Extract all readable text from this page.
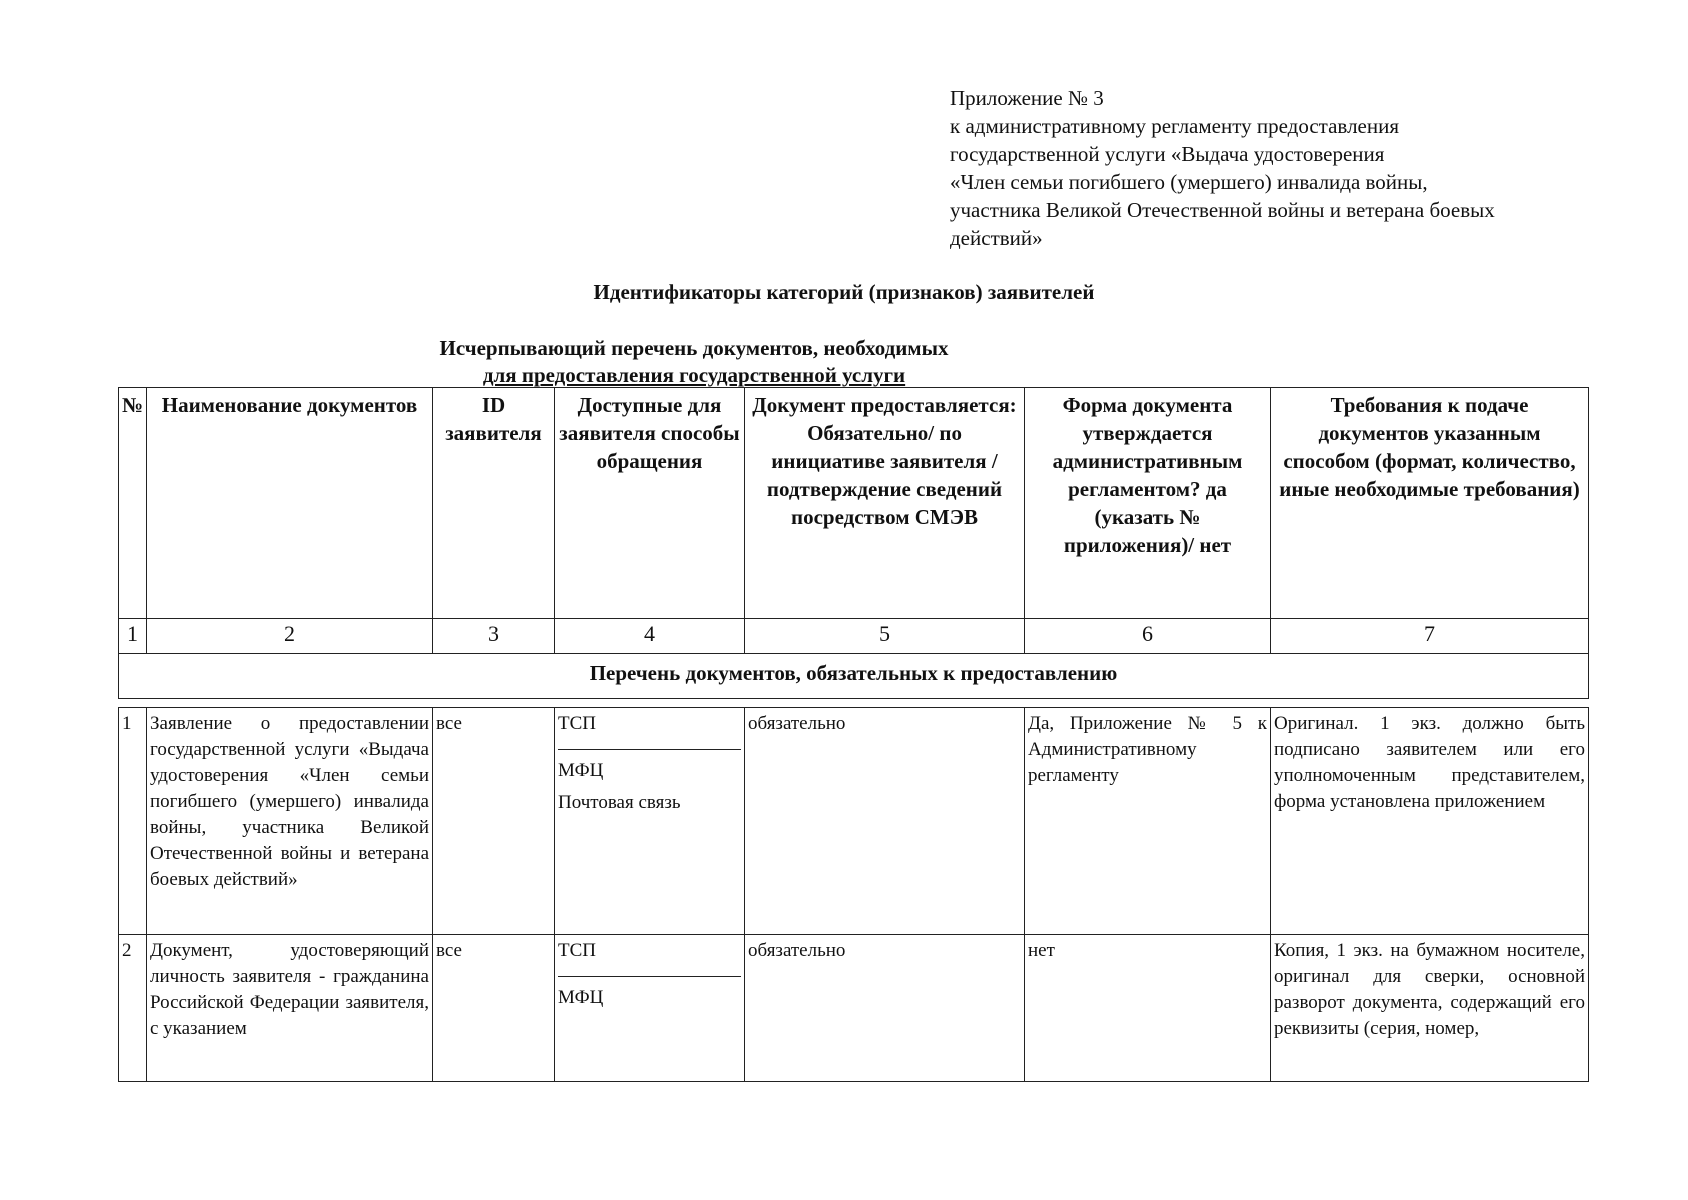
Приложение № 3
к административному регламенту предоставления
государственной услуги «Выдача удостоверения
«Член семьи погибшего (умершего) инвалида войны,
участника Великой Отечественной войны и ветерана боевых
действий»
Идентификаторы категорий (признаков) заявителей
Исчерпывающий перечень документов, необходимых
для предоставления государственной услуги
№	Наименование документов	ID заявителя	Доступные для заявителя способы обращения	Документ предоставляется: Обязательно/ по инициативе заявителя /подтверждение сведений посредством СМЭВ	Форма документа утверждается административным регламентом? да (указать № приложения)/ нет	Требования к подаче документов указанным способом (формат, количество, иные необходимые требования)
1	2	3	4	5	6	7
Перечень документов, обязательных к предоставлению						

1	Заявление о предоставлении государственной услуги «Выдача удостоверения «Член семьи погибшего (умершего) инвалида войны, участника Великой Отечественной войны и ветерана боевых действий»	все	ТСП
МФЦ
Почтовая связь	обязательно	Да, Приложение № 5 к Административному регламенту	Оригинал. 1 экз. должно быть подписано заявителем или его уполномоченным представителем, форма установлена приложением
2	Документ, удостоверяющий личность заявителя - гражданина Российской Федерации заявителя, с указанием	все	ТСП
МФЦ	обязательно	нет	Копия, 1 экз. на бумажном носителе, оригинал для сверки, основной разворот документа, содержащий его реквизиты (серия, номер,
